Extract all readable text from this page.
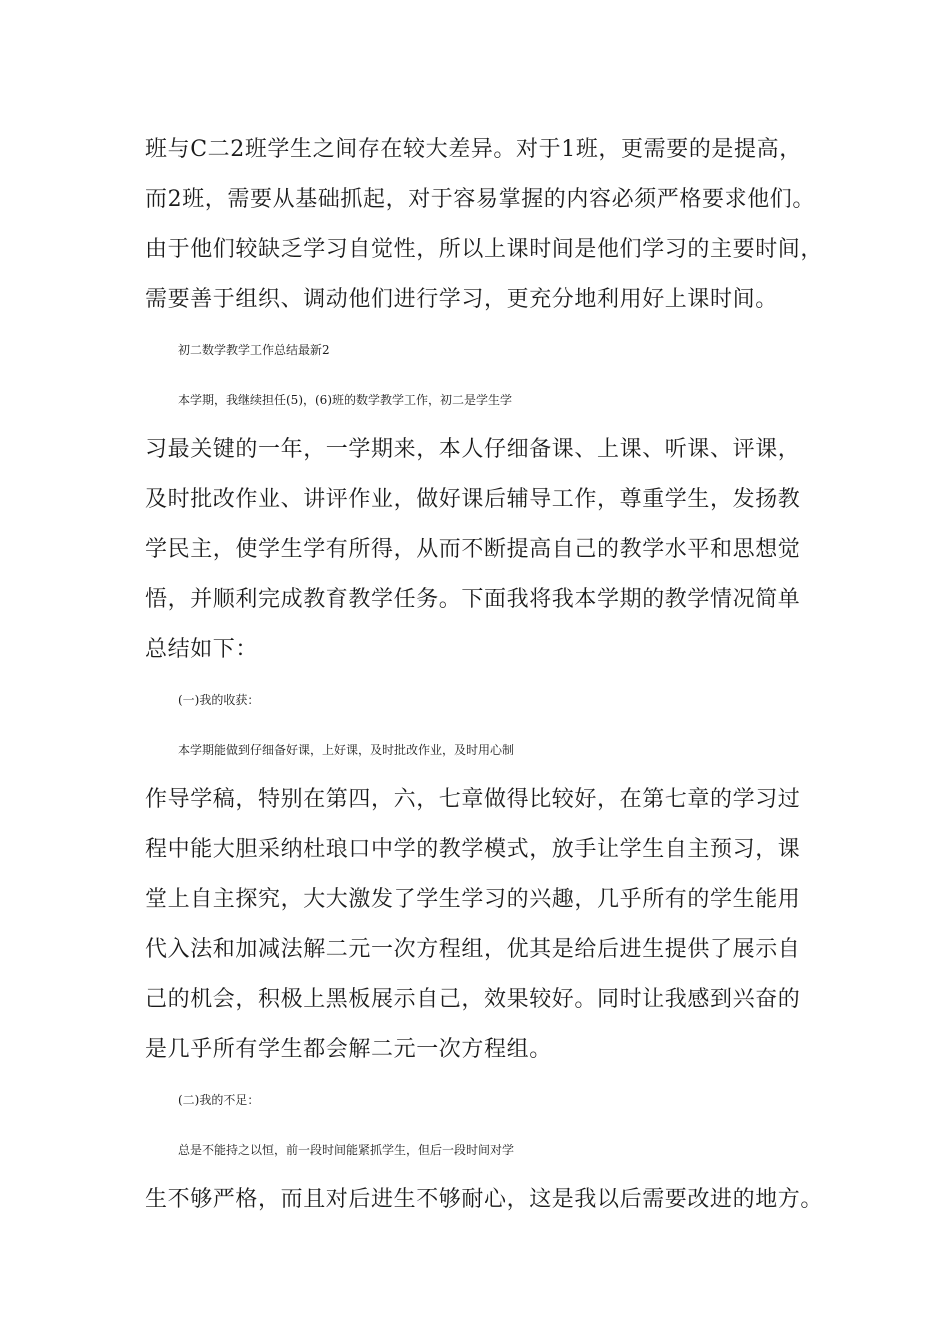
班与C二2班学生之间存在较大差异。对于1班，更需要的是提高，
而2班，需要从基础抓起，对于容易掌握的内容必须严格要求他们。
由于他们较缺乏学习自觉性，所以上课时间是他们学习的主要时间，
需要善于组织、调动他们进行学习，更充分地利用好上课时间。
初二数学教学工作总结最新2
本学期，我继续担任(5)，(6)班的数学教学工作，初二是学生学
习最关键的一年，一学期来，本人仔细备课、上课、听课、评课，
及时批改作业、讲评作业，做好课后辅导工作，尊重学生，发扬教
学民主，使学生学有所得，从而不断提高自己的教学水平和思想觉
悟，并顺利完成教育教学任务。下面我将我本学期的教学情况简单
总结如下：
(一)我的收获：
本学期能做到仔细备好课，上好课，及时批改作业，及时用心制
作导学稿，特别在第四，六，七章做得比较好，在第七章的学习过
程中能大胆采纳杜琅口中学的教学模式，放手让学生自主预习，课
堂上自主探究，大大激发了学生学习的兴趣，几乎所有的学生能用
代入法和加减法解二元一次方程组，优其是给后进生提供了展示自
己的机会，积极上黑板展示自己，效果较好。同时让我感到兴奋的
是几乎所有学生都会解二元一次方程组。
(二)我的不足：
总是不能持之以恒，前一段时间能紧抓学生，但后一段时间对学
生不够严格，而且对后进生不够耐心，这是我以后需要改进的地方。
